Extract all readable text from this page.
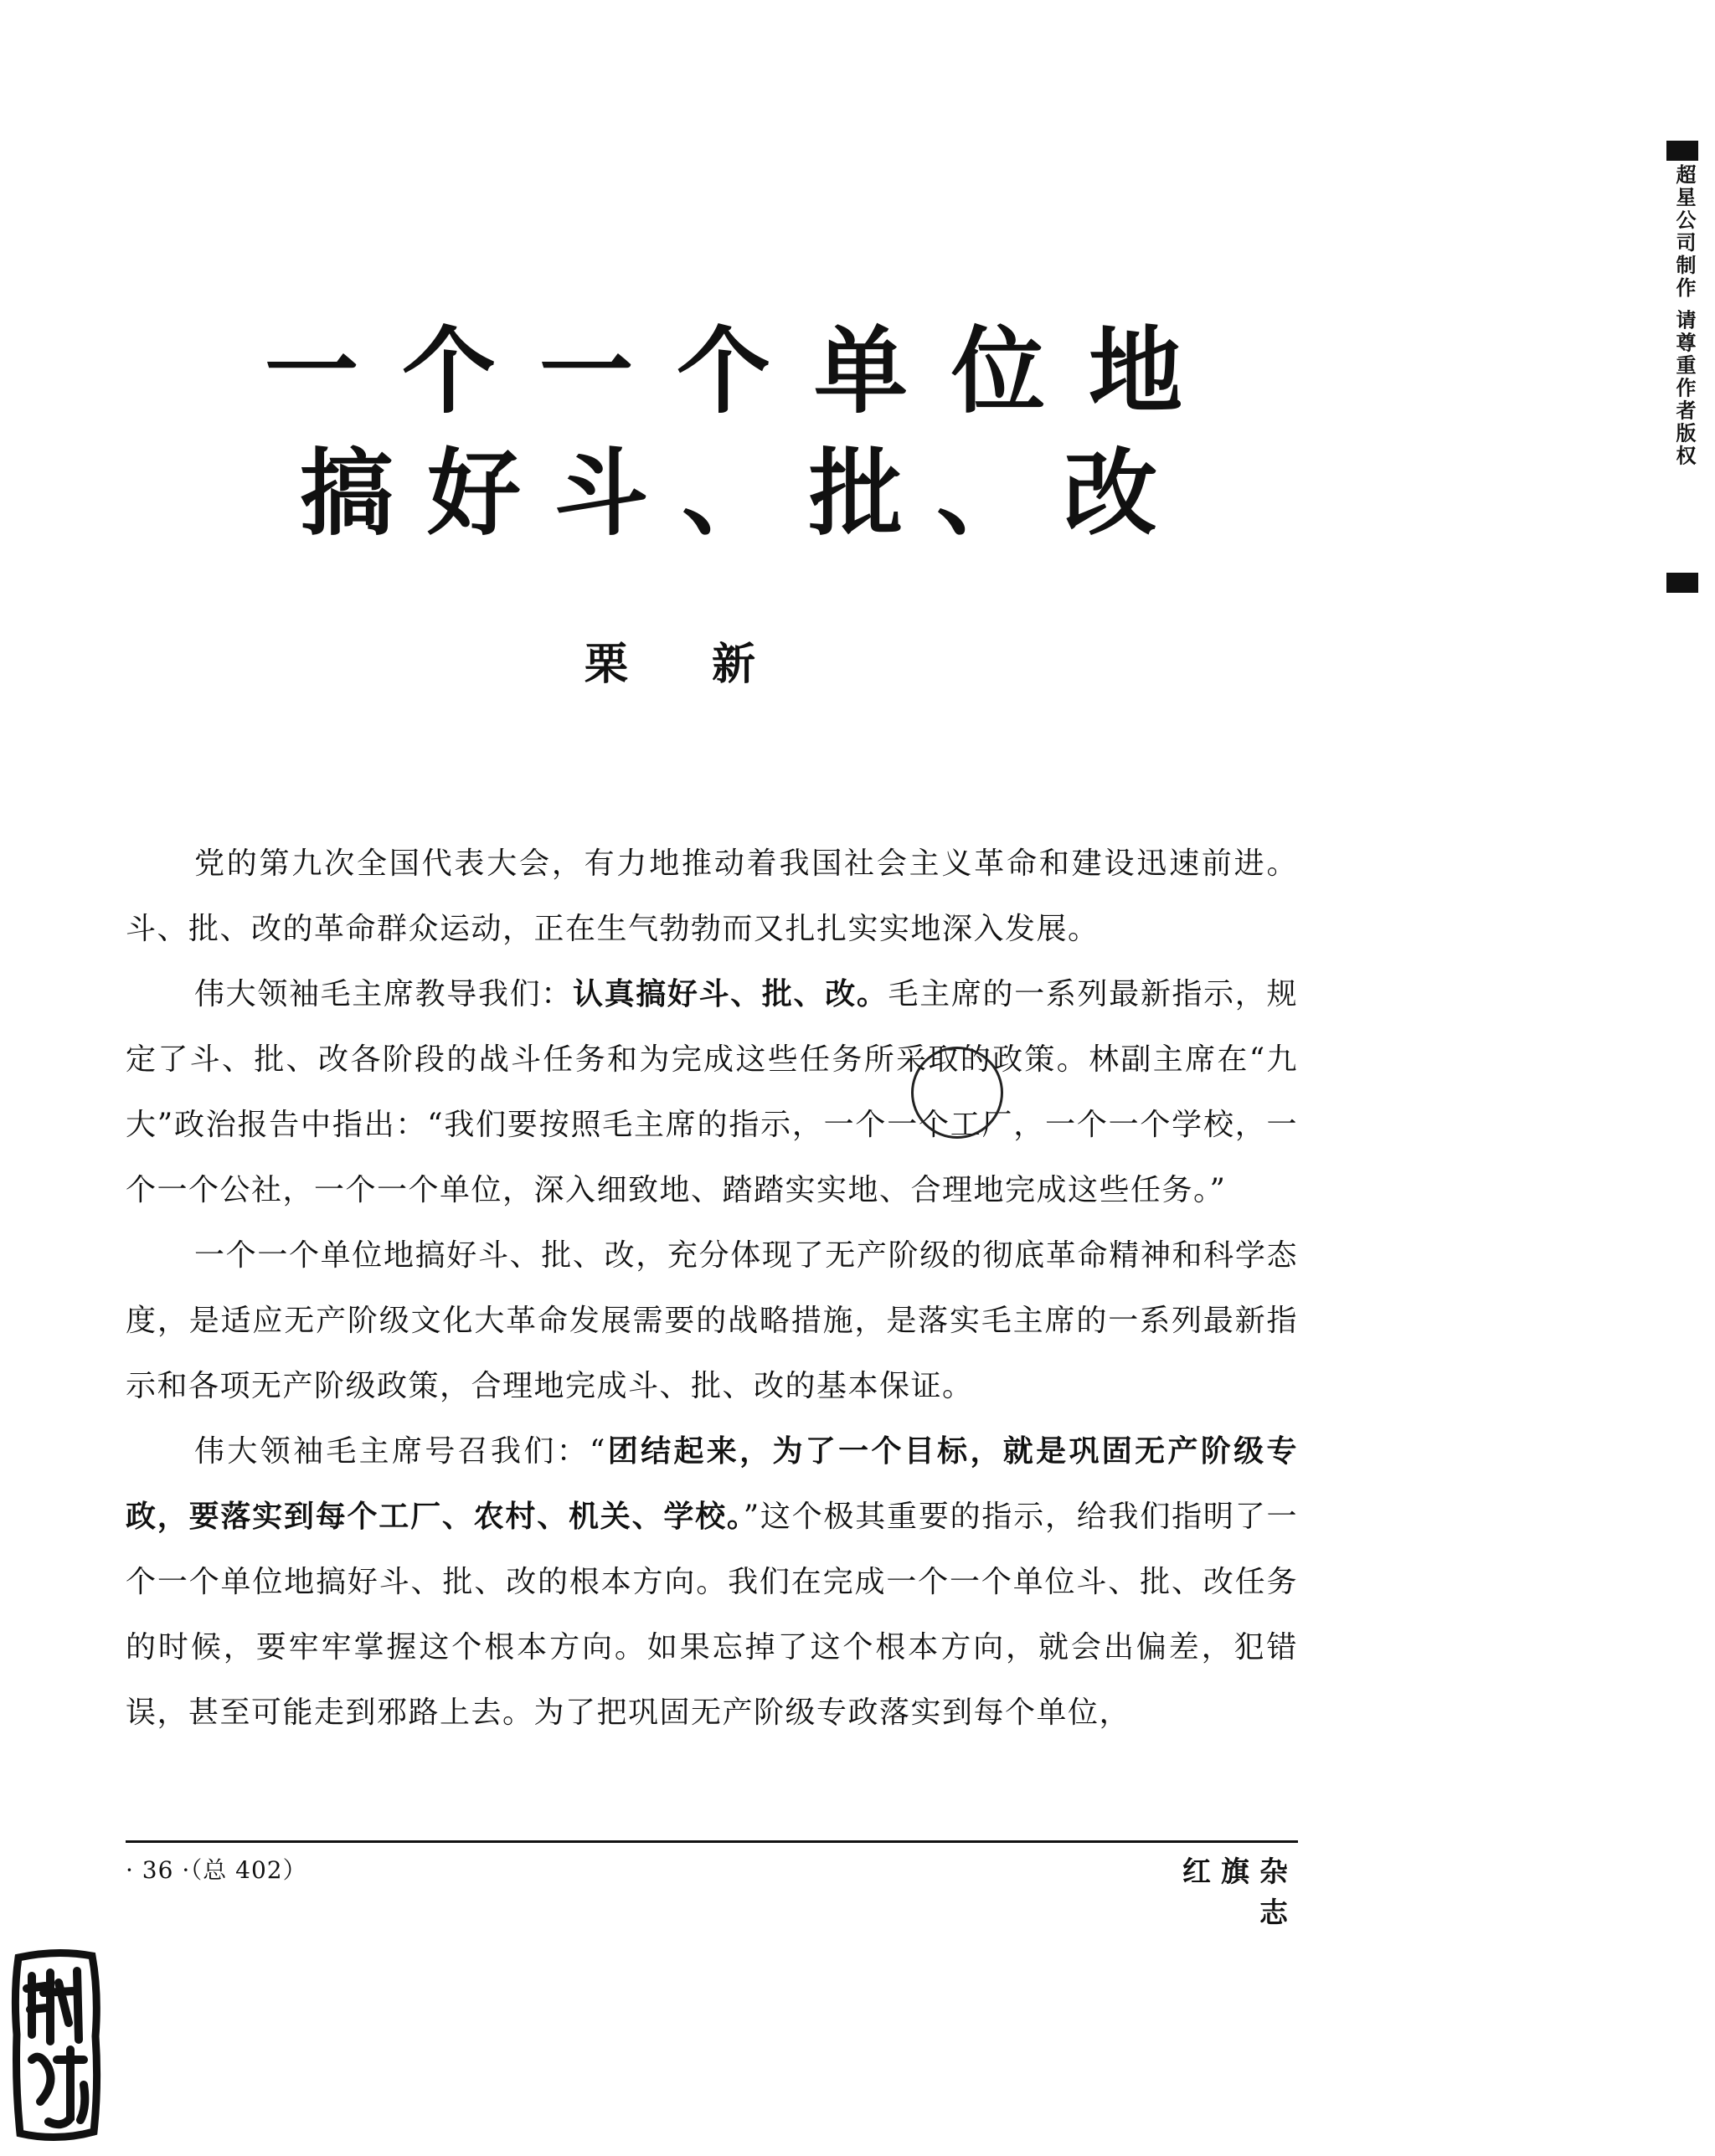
一个一个单位地
搞好斗、批、改
栗新

党的第九次全国代表大会，有力地推动着我国社会主义革命和建设迅速前进。斗、批、改的革命群众运动，正在生气勃勃而又扎扎实实地深入发展。

伟大领袖毛主席教导我们：认真搞好斗、批、改。毛主席的一系列最新指示，规定了斗、批、改各阶段的战斗任务和为完成这些任务所采取的政策。林副主席在“九大”政治报告中指出：“我们要按照毛主席的指示，一个一个工厂，一个一个学校，一个一个公社，一个一个单位，深入细致地、踏踏实实地、合理地完成这些任务。”

一个一个单位地搞好斗、批、改，充分体现了无产阶级的彻底革命精神和科学态度，是适应无产阶级文化大革命发展需要的战略措施，是落实毛主席的一系列最新指示和各项无产阶级政策，合理地完成斗、批、改的基本保证。

伟大领袖毛主席号召我们：“团结起来，为了一个目标，就是巩固无产阶级专政，要落实到每个工厂、农村、机关、学校。”这个极其重要的指示，给我们指明了一个一个单位地搞好斗、批、改的根本方向。我们在完成一个一个单位斗、批、改任务的时候，要牢牢掌握这个根本方向。如果忘掉了这个根本方向，就会出偏差，犯错误，甚至可能走到邪路上去。为了把巩固无产阶级专政落实到每个单位，

· 36 ·（总 402）	红旗杂志
超星公司制作 请尊重作者版权
